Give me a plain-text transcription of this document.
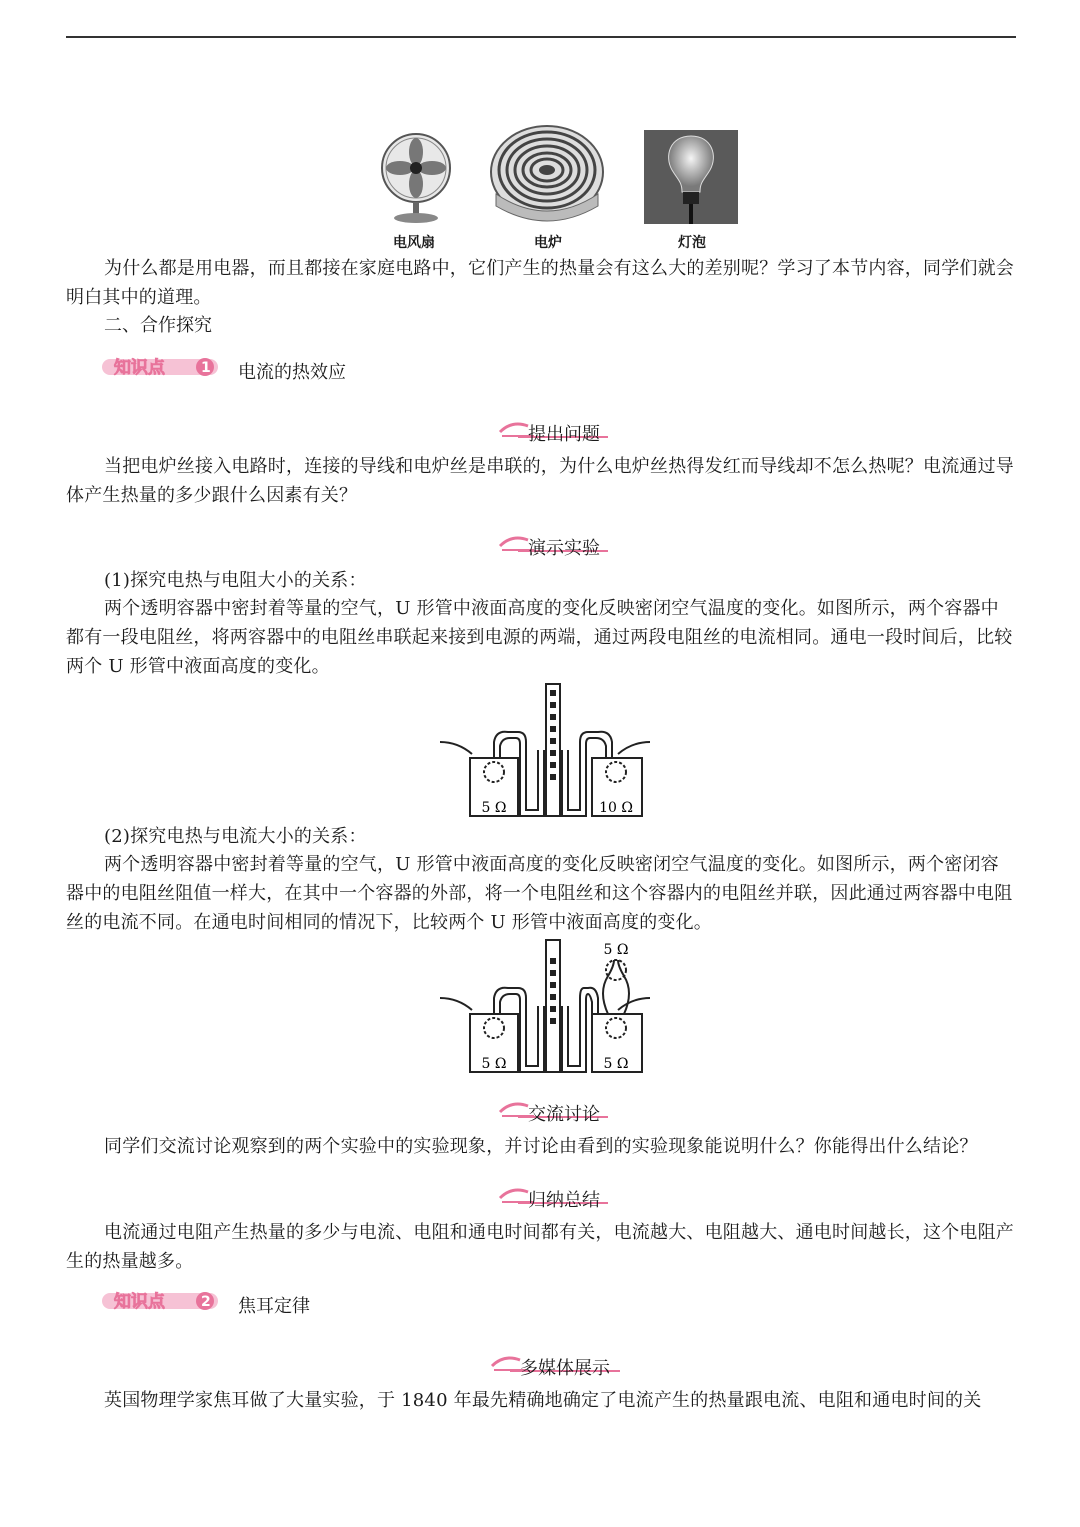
电风扇	电炉	灯泡
为什么都是用电器，而且都接在家庭电路中，它们产生的热量会有这么大的差别呢？学习了本节内容，同学们就会明白其中的道理。
二、合作探究
知识点	1 电流的热效应
提出问题
当把电炉丝接入电路时，连接的导线和电炉丝是串联的，为什么电炉丝热得发红而导线却不怎么热呢？电流通过导体产生热量的多少跟什么因素有关？
演示实验
(1)探究电热与电阻大小的关系：
两个透明容器中密封着等量的空气，U 形管中液面高度的变化反映密闭空气温度的变化。如图所示，两个容器中都有一段电阻丝，将两容器中的电阻丝串联起来接到电源的两端，通过两段电阻丝的电流相同。通电一段时间后，比较两个 U 形管中液面高度的变化。
5 Ω	10 Ω
(2)探究电热与电流大小的关系：
两个透明容器中密封着等量的空气，U 形管中液面高度的变化反映密闭空气温度的变化。如图所示，两个密闭容器中的电阻丝阻值一样大，在其中一个容器的外部，将一个电阻丝和这个容器内的电阻丝并联，因此通过两容器中电阻丝的电流不同。在通电时间相同的情况下，比较两个 U 形管中液面高度的变化。
5 Ω
5 Ω	5 Ω
交流讨论
同学们交流讨论观察到的两个实验中的实验现象，并讨论由看到的实验现象能说明什么？你能得出什么结论？
归纳总结
电流通过电阻产生热量的多少与电流、电阻和通电时间都有关，电流越大、电阻越大、通电时间越长，这个电阻产生的热量越多。
知识点	2 焦耳定律
多媒体展示
英国物理学家焦耳做了大量实验，于 1840 年最先精确地确定了电流产生的热量跟电流、电阻和通电时间的关
